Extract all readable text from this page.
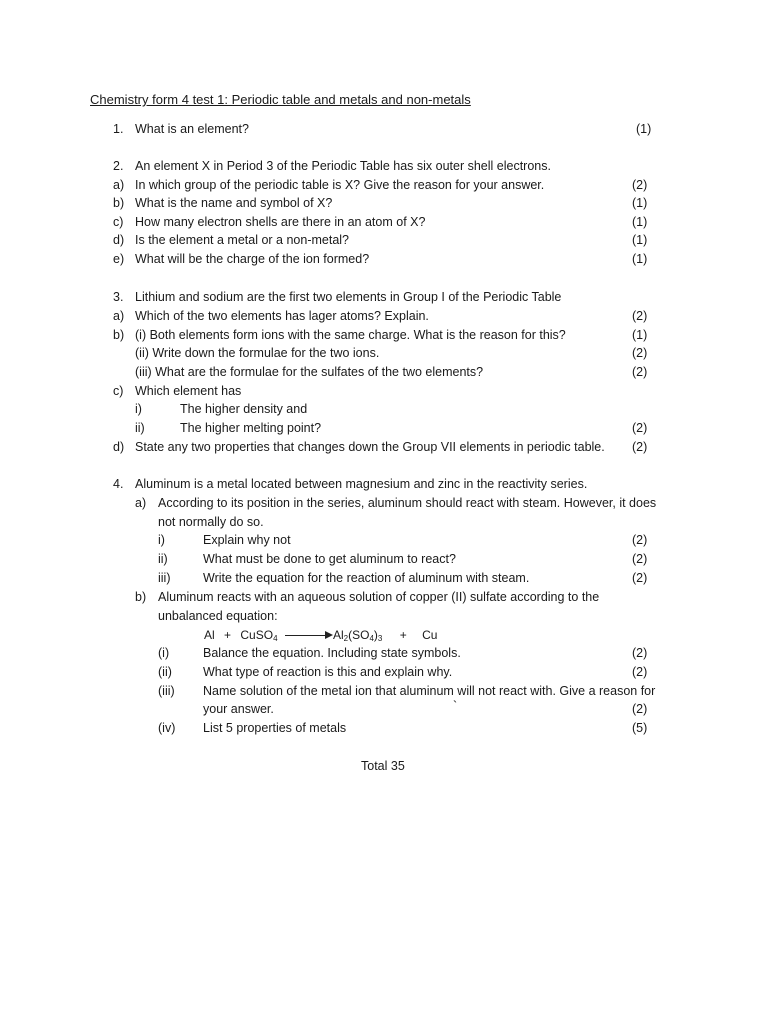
Chemistry form 4 test 1: Periodic table and metals and non-metals
1. What is an element?	(1)
2. An element X in Period 3 of the Periodic Table has six outer shell electrons.
a) In which group of the periodic table is X? Give the reason for your answer.	(2)
b) What is the name and symbol of X?	(1)
c) How many electron shells are there in an atom of X?	(1)
d) Is the element a metal or a non-metal?	(1)
e) What will be the charge of the ion formed?	(1)
3. Lithium and sodium are the first two elements in Group I of the Periodic Table
a) Which of the two elements has lager atoms? Explain.	(2)
b) (i) Both elements form ions with the same charge. What is the reason for this?	(1)
(ii) Write down the formulae for the two ions.	(2)
(iii) What are the formulae for the sulfates of the two elements?	(2)
c) Which element has
i)	The higher density and
ii)	The higher melting point?	(2)
d) State any two properties that changes down the Group VII elements in periodic table. (2)
4. Aluminum is a metal located between magnesium and zinc in the reactivity series.
a) According to its position in the series, aluminum should react with steam. However, it does
not normally do so.
i)	Explain why not	(2)
ii)	What must be done to get aluminum to react?	(2)
iii)	Write the equation for the reaction of aluminum with steam.	(2)
b) Aluminum reacts with an aqueous solution of copper (II) sulfate according to the
unbalanced equation:
Al + CuSO$_4$	$Al_2(SO_4)_3 + Cu$
(i)	Balance the equation. Including state symbols.	(2)
(ii) What type of reaction is this and explain why.	(2)
(iii) Name solution of the metal ion that aluminum will not react with. Give a reason for
your answer.	`	(2)
(iv) List 5 properties of metals	(5)
Total 35
